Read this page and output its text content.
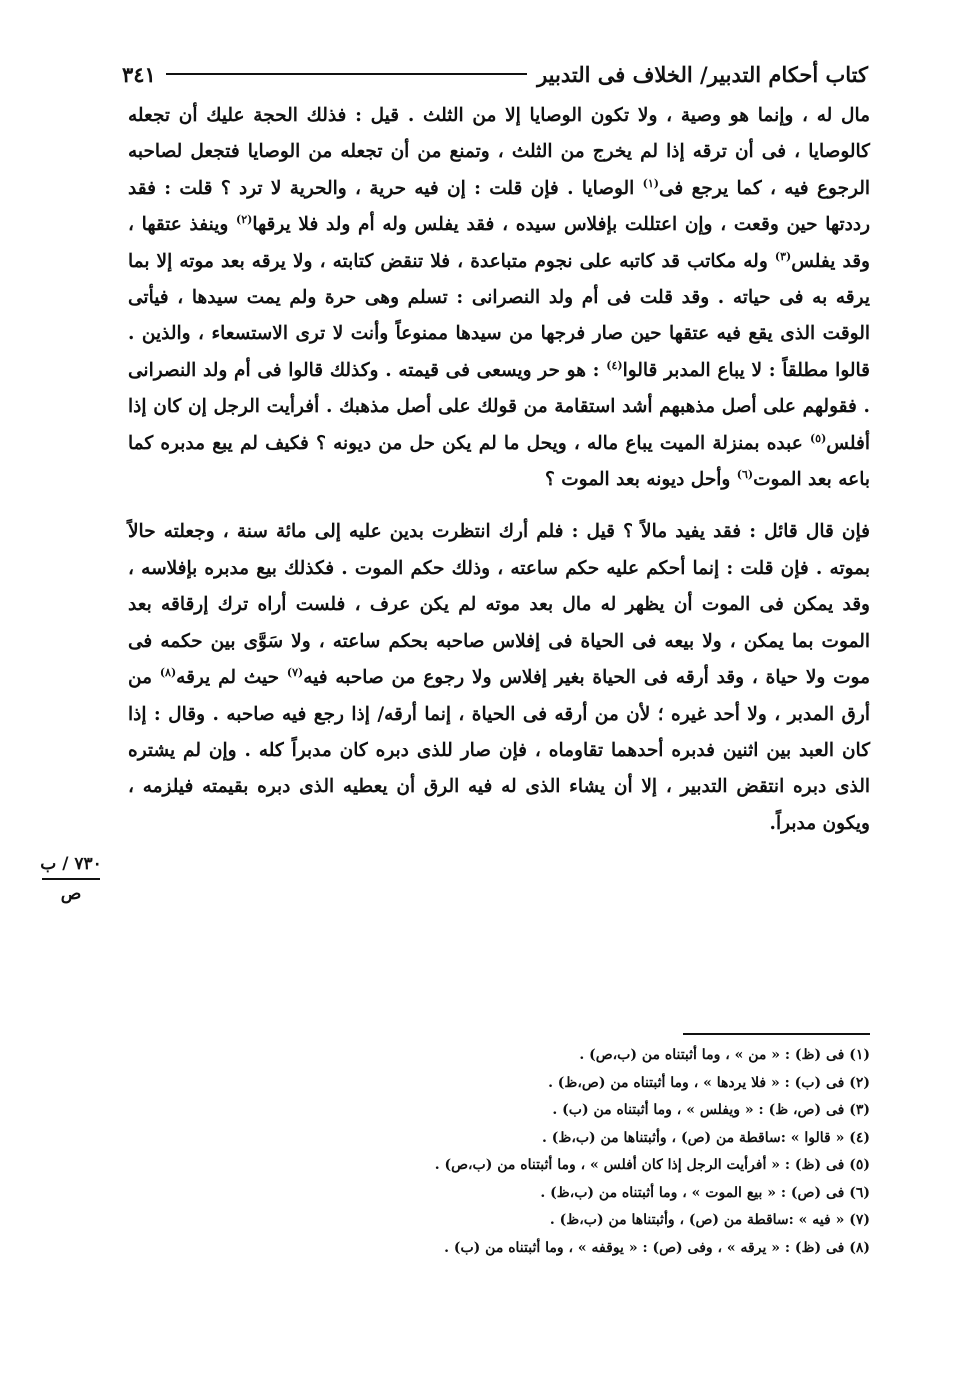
كتاب أحكام التدبير/ الخلاف فى التدبير
٣٤١

مال له ، وإنما هو وصية ، ولا تكون الوصايا إلا من الثلث . قيل : فذلك الحجة عليك أن تجعله كالوصايا ، فى أن ترقه إذا لم يخرج من الثلث ، وتمنع من أن تجعله من الوصايا فتجعل لصاحبه الرجوع فيه ، كما يرجع فى$^{(١)}$ الوصايا . فإن قلت : إن فيه حرية ، والحرية لا ترد ؟ قلت : فقد رددتها حين وقعت ، وإن اعتللت بإفلاس سيده ، فقد يفلس وله أم ولد فلا يرقها$^{(٢)}$ وينفذ عتقها ، وقد يفلس$^{(٣)}$ وله مكاتب قد كاتبه على نجوم متباعدة ، فلا تنقض كتابته ، ولا يرقه بعد موته إلا بما يرقه به فى حياته . وقد قلت فى أم ولد النصرانى : تسلم وهى حرة ولم يمت سيدها ، فيأتى الوقت الذى يقع فيه عتقها حين صار فرجها من سيدها ممنوعاً وأنت لا ترى الاستسعاء ، والذين . قالوا مطلقاً : لا يباع المدبر قالوا$^{(٤)}$ : هو حر ويسعى فى قيمته . وكذلك قالوا فى أم ولد النصرانى . فقولهم على أصل مذهبهم أشد استقامة من قولك على أصل مذهبك . أفرأيت الرجل إن كان إذا أفلس$^{(٥)}$ عبده بمنزلة الميت يباع ماله ، ويحل ما لم يكن حل من ديونه ؟ فكيف لم يبع مدبره كما باعه بعد الموت$^{(٦)}$ وأحل ديونه بعد الموت ؟

فإن قال قائل : فقد يفيد مالاً ؟ قيل : فلم أرك انتظرت بدين عليه إلى مائة سنة ، وجعلته حالاً بموته . فإن قلت : إنما أحكم عليه حكم ساعته ، وذلك حكم الموت . فكذلك بيع مدبره بإفلاسه ، وقد يمكن فى الموت أن يظهر له مال بعد موته لم يكن عرف ، فلست أراه ترك إرقاقه بعد الموت بما يمكن ، ولا بيعه فى الحياة فى إفلاس صاحبه بحكم ساعته ، ولا سَوَّى بين حكمه فى موت ولا حياة ، وقد أرقه فى الحياة بغير إفلاس ولا رجوع من صاحبه فيه$^{(٧)}$ حيث لم يرقه$^{(٨)}$ من أرق المدبر ، ولا أحد غيره ؛ لأن من أرقه فى الحياة ، إنما أرقه/ إذا رجع فيه صاحبه . وقال : إذا كان العبد بين اثنين فدبره أحدهما تقاوماه ، فإن صار للذى دبره كان مدبراً كله . وإن لم يشتره الذى دبره انتقض التدبير ، إلا أن يشاء الذى له فيه الرق أن يعطيه الذى دبره بقيمته فيلزمه ، ويكون مدبراً.

٧٣٠ / ب
ص
(١) فى (ظ) : « من » ، وما أثبتناه من (ب،ص) .
(٢) فى (ب) : « فلا يردها » ، وما أثبتناه من (ص،ظ) .
(٣) فى (ص، ظ) : « ويفلس » ، وما أثبتناه من (ب) .
(٤) « قالوا » :ساقطة من (ص) ، وأثبتناها من (ب،ظ) .
(٥) فى (ظ) : « أفرأيت الرجل إذا كان أفلس » ، وما أثبتناه من (ب،ص) .
(٦) فى (ص) : « بيع الموت » ، وما أثبتناه من (ب،ظ) .
(٧) « فيه » :ساقطة من (ص) ، وأثبتناها من (ب،ظ) .
(٨) فى (ظ) : « يرقه » ، وفى (ص) : « يوقفه » ، وما أثبتناه من (ب) .
